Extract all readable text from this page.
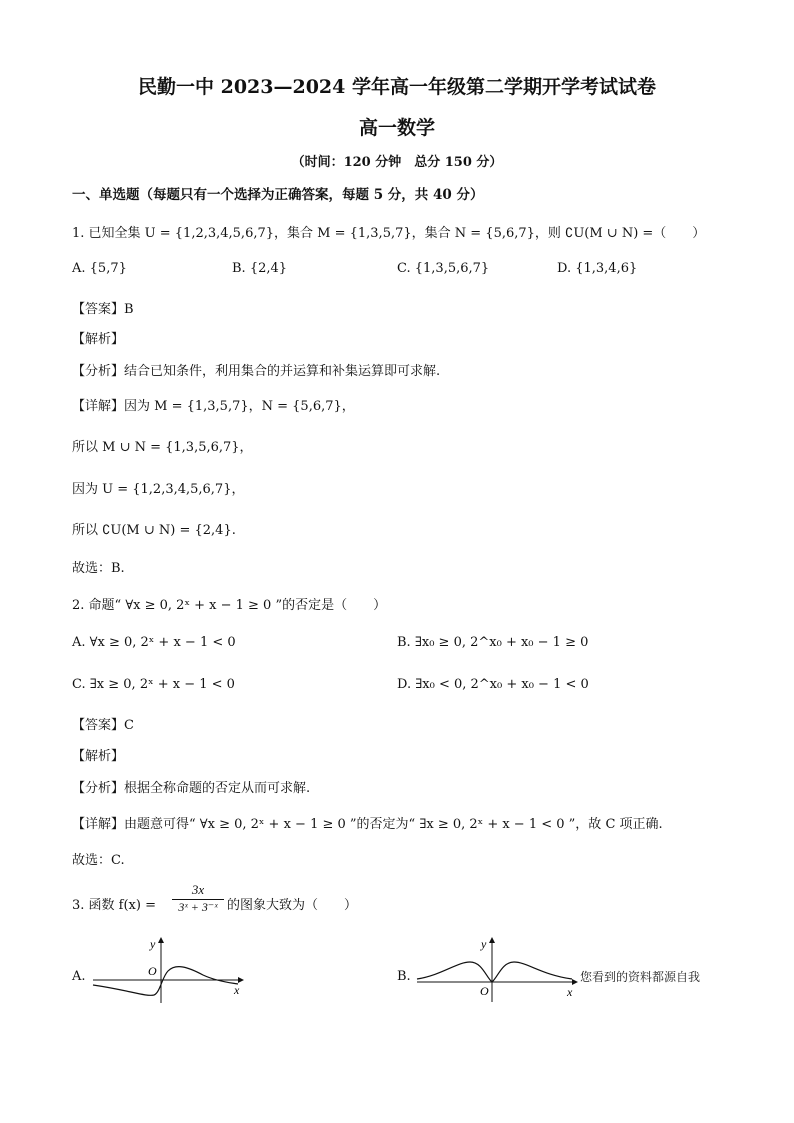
民勤一中 2023—2024 学年高一年级第二学期开学考试试卷
高一数学
（时间：120 分钟　总分 150 分）
一、单选题（每题只有一个选择为正确答案，每题 5 分，共 40 分）
1. 已知全集 U = {1,2,3,4,5,6,7}，集合 M = {1,3,5,7}，集合 N = {5,6,7}，则 ∁U(M ∪ N) =（　　）
A. {5,7}	B. {2,4}	C. {1,3,5,6,7}	D. {1,3,4,6}
【答案】B
【解析】
【分析】结合已知条件，利用集合的并运算和补集运算即可求解.
【详解】因为 M = {1,3,5,7}，N = {5,6,7}，
所以 M ∪ N = {1,3,5,6,7}，
因为 U = {1,2,3,4,5,6,7}，
所以 ∁U(M ∪ N) = {2,4}.
故选：B.
2. 命题“ ∀x ≥ 0, 2ˣ + x − 1 ≥ 0 ”的否定是（　　）
A. ∀x ≥ 0, 2ˣ + x − 1 < 0	B. ∃x₀ ≥ 0, 2^x₀ + x₀ − 1 ≥ 0
C. ∃x ≥ 0, 2ˣ + x − 1 < 0	D. ∃x₀ < 0, 2^x₀ + x₀ − 1 < 0
【答案】C
【解析】
【分析】根据全称命题的否定从而可求解.
【详解】由题意可得“ ∀x ≥ 0, 2ˣ + x − 1 ≥ 0 ”的否定为“ ∃x ≥ 0, 2ˣ + x − 1 < 0 ”，故 C 项正确.
故选：C.
3. 函数 f(x) =
3x
3ˣ + 3⁻ˣ 的图象大致为（　　）
A.
y
x
O	B.
y
x
O
您看到的资料都源自我
